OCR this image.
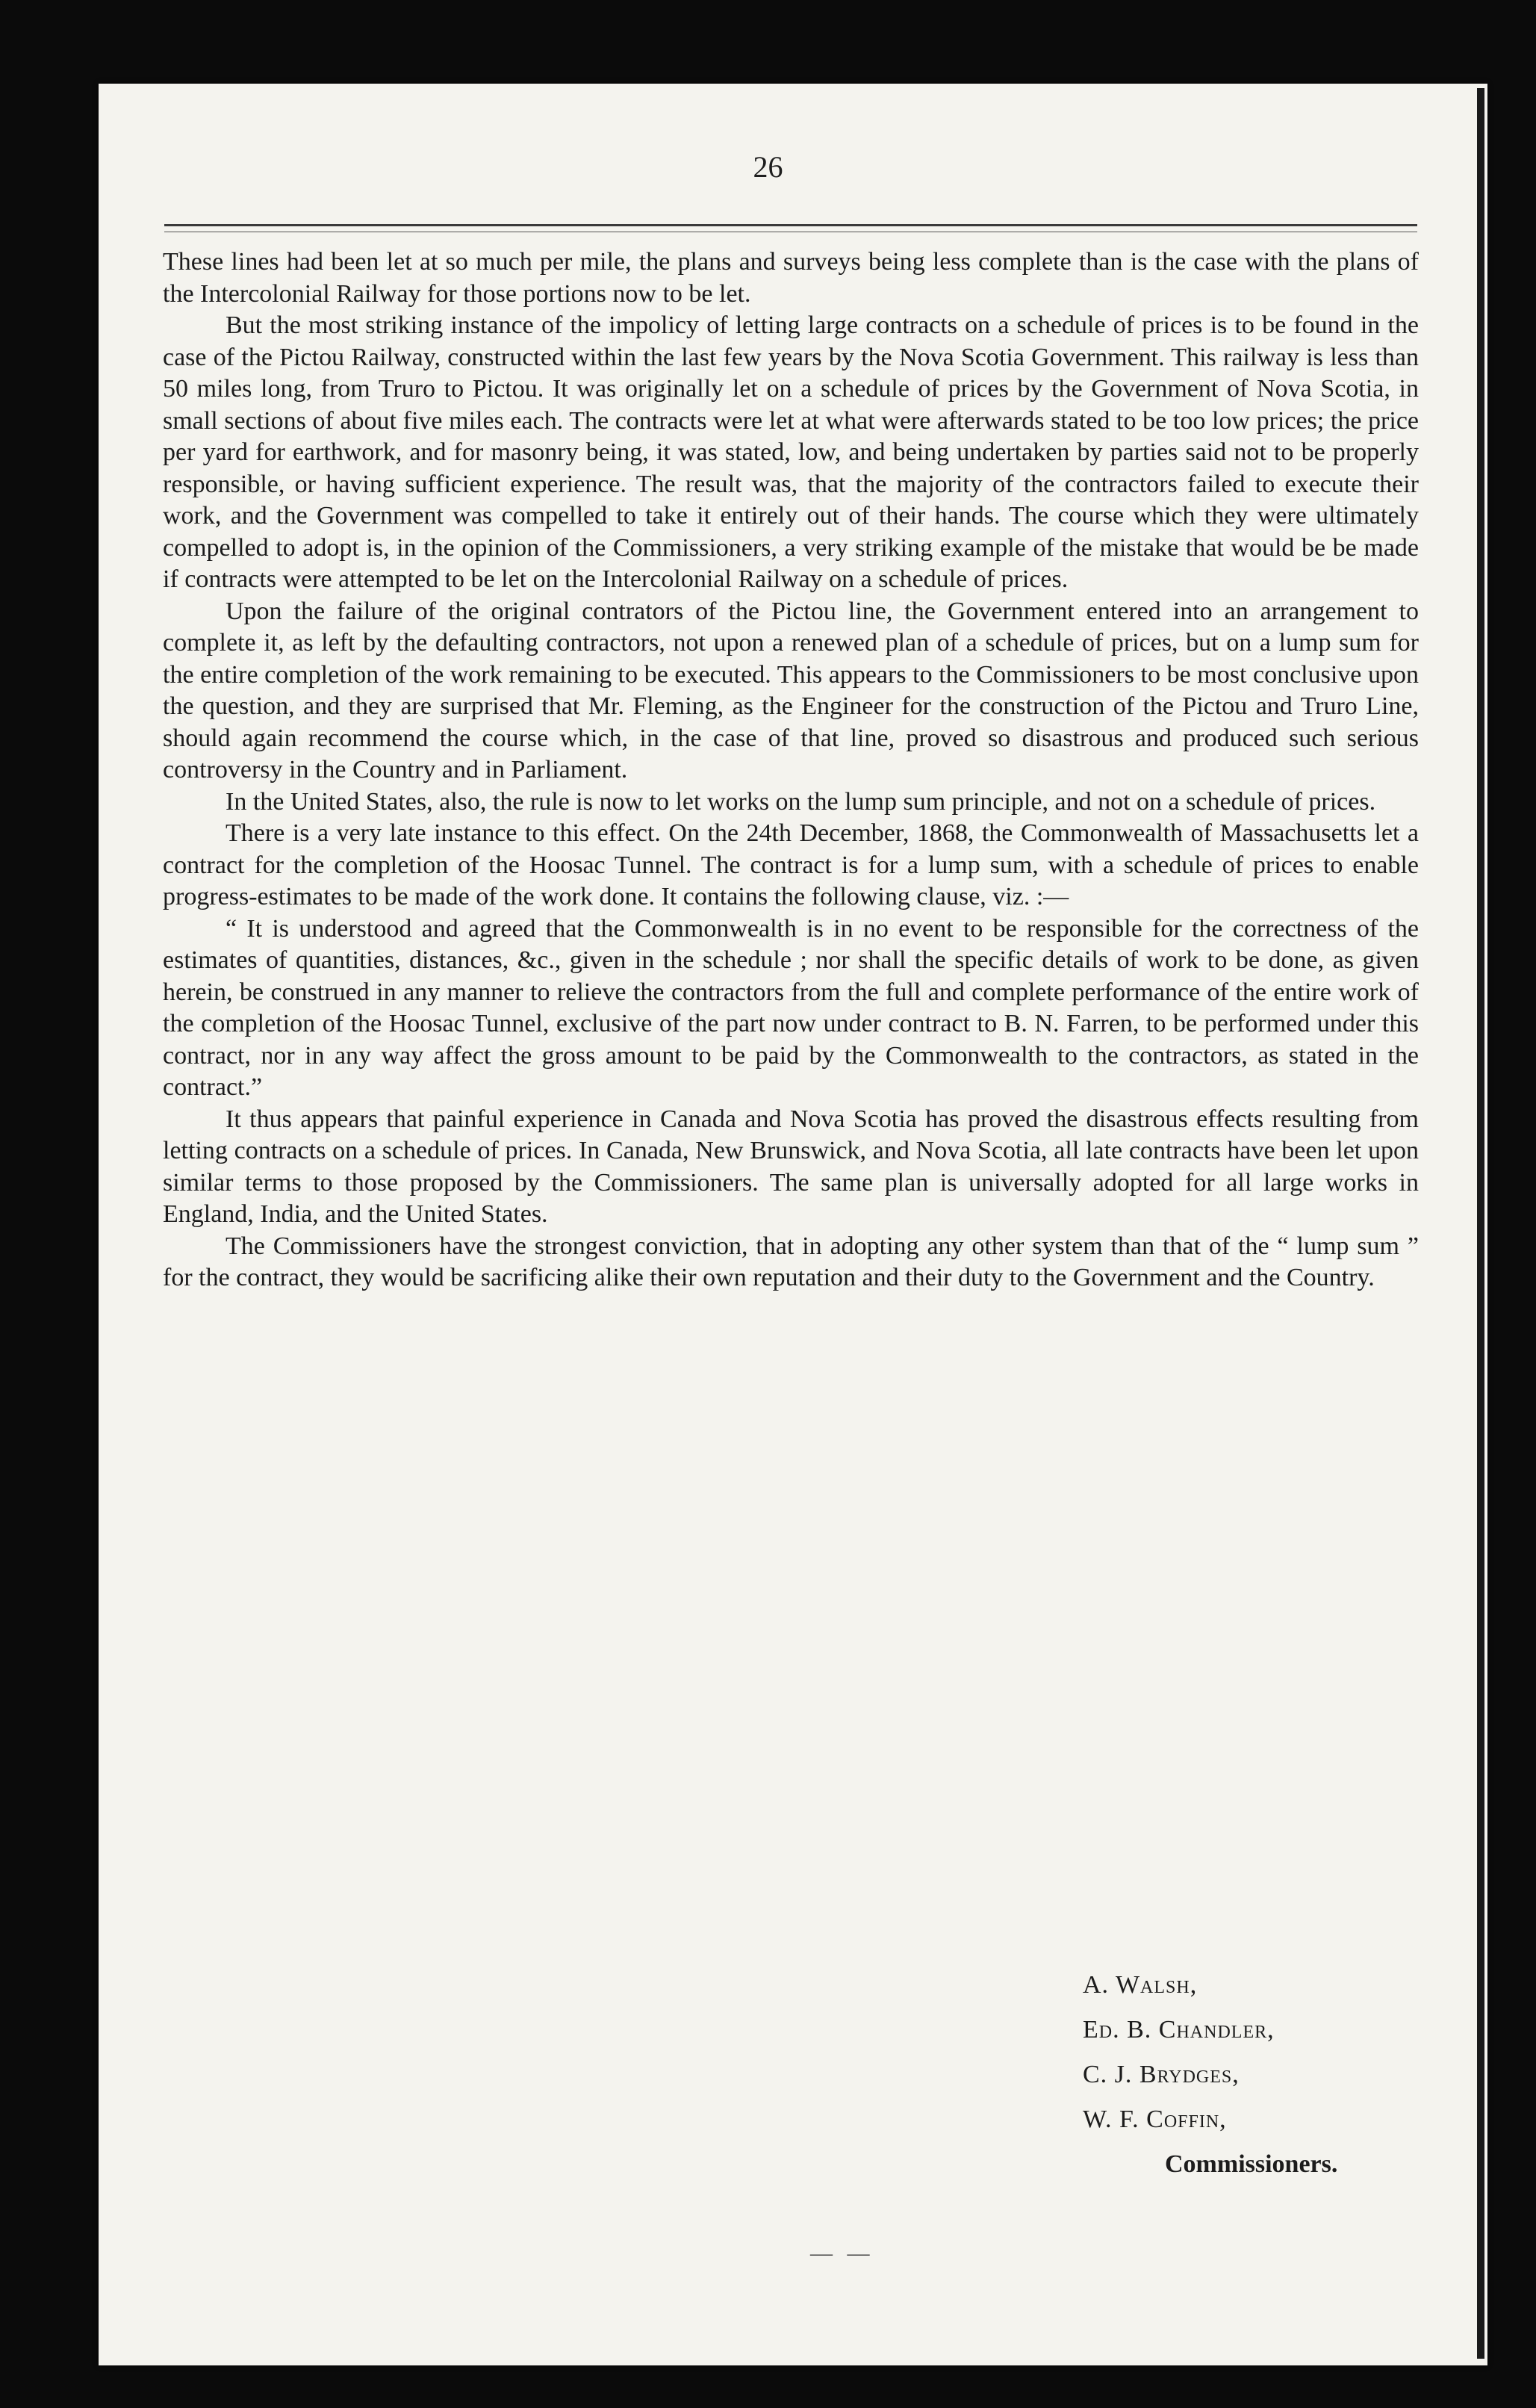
26

These lines had been let at so much per mile, the plans and surveys being less complete than is the case with the plans of the Intercolonial Railway for those portions now to be let.

But the most striking instance of the impolicy of letting large contracts on a schedule of prices is to be found in the case of the Pictou Railway, constructed within the last few years by the Nova Scotia Government. This railway is less than 50 miles long, from Truro to Pictou. It was originally let on a schedule of prices by the Government of Nova Scotia, in small sections of about five miles each. The contracts were let at what were afterwards stated to be too low prices; the price per yard for earthwork, and for masonry being, it was stated, low, and being undertaken by parties said not to be properly responsible, or having sufficient experience. The result was, that the majority of the contractors failed to execute their work, and the Government was compelled to take it entirely out of their hands. The course which they were ultimately compelled to adopt is, in the opinion of the Commissioners, a very striking example of the mistake that would be be made if contracts were attempted to be let on the Intercolonial Railway on a schedule of prices.

Upon the failure of the original contrators of the Pictou line, the Government entered into an arrangement to complete it, as left by the defaulting contractors, not upon a renewed plan of a schedule of prices, but on a lump sum for the entire completion of the work remaining to be executed. This appears to the Commissioners to be most conclusive upon the question, and they are surprised that Mr. Fleming, as the Engineer for the construction of the Pictou and Truro Line, should again recommend the course which, in the case of that line, proved so disastrous and produced such serious controversy in the Country and in Parliament.

In the United States, also, the rule is now to let works on the lump sum principle, and not on a schedule of prices.

There is a very late instance to this effect. On the 24th December, 1868, the Commonwealth of Massachusetts let a contract for the completion of the Hoosac Tunnel. The contract is for a lump sum, with a schedule of prices to enable progress-estimates to be made of the work done. It contains the following clause, viz. :—

“ It is understood and agreed that the Commonwealth is in no event to be responsible for the correctness of the estimates of quantities, distances, &c., given in the schedule ; nor shall the specific details of work to be done, as given herein, be construed in any manner to relieve the contractors from the full and complete performance of the entire work of the completion of the Hoosac Tunnel, exclusive of the part now under contract to B. N. Farren, to be performed under this contract, nor in any way affect the gross amount to be paid by the Commonwealth to the contractors, as stated in the contract.”

It thus appears that painful experience in Canada and Nova Scotia has proved the disastrous effects resulting from letting contracts on a schedule of prices. In Canada, New Brunswick, and Nova Scotia, all late contracts have been let upon similar terms to those proposed by the Commissioners. The same plan is universally adopted for all large works in England, India, and the United States.

The Commissioners have the strongest conviction, that in adopting any other system than that of the “ lump sum ” for the contract, they would be sacrificing alike their own reputation and their duty to the Government and the Country.

A. Walsh,
Ed. B. Chandler,
C. J. Brydges,
W. F. Coffin,
Commissioners.
— —
